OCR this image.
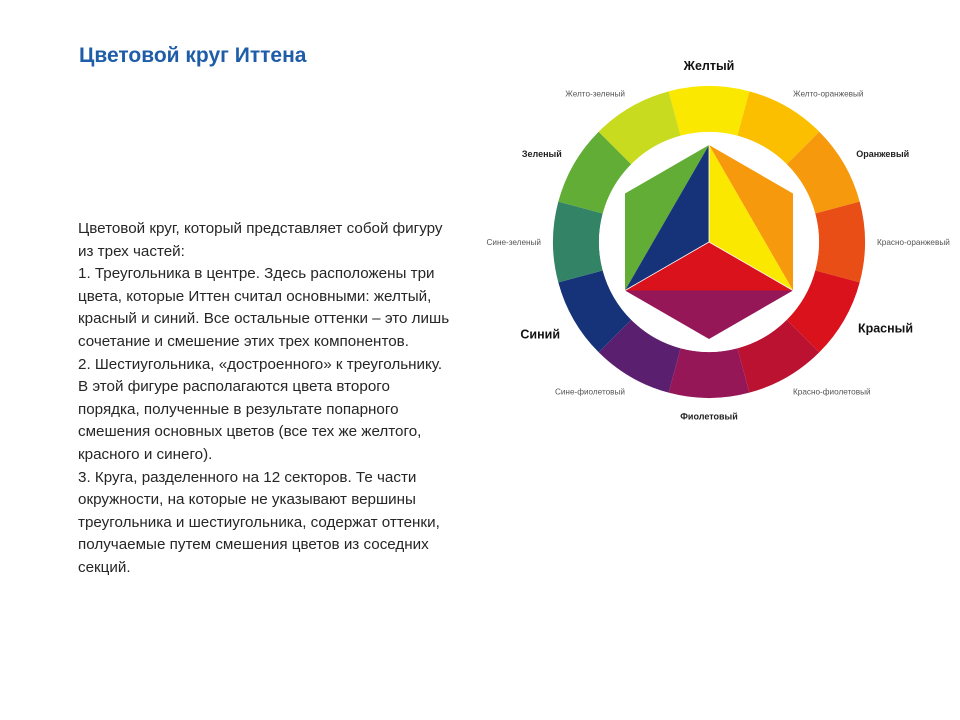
Цветовой круг Иттена
Цветовой круг, который представляет собой фигуру
из трех частей:
1. Треугольника в центре. Здесь расположены три
цвета, которые Иттен считал основными: желтый,
красный и синий. Все остальные оттенки – это лишь
сочетание и смешение этих трех компонентов.
2. Шестиугольника, «достроенного» к треугольнику.
В этой фигуре располагаются цвета второго
порядка, полученные в результате попарного
смешения основных цветов (все тех же желтого,
красного и синего).
3. Круга, разделенного на 12 секторов. Те части
окружности, на которые не указывают вершины
треугольника и шестиугольника, содержат оттенки,
получаемые путем смешения цветов из соседних
секций.
Желтый
Желто-оранжевый
Оранжевый
Красно-оранжевый
Красный
Красно-фиолетовый
Фиолетовый
Сине-фиолетовый
Синий
Сине-зеленый
Зеленый
Желто-зеленый
